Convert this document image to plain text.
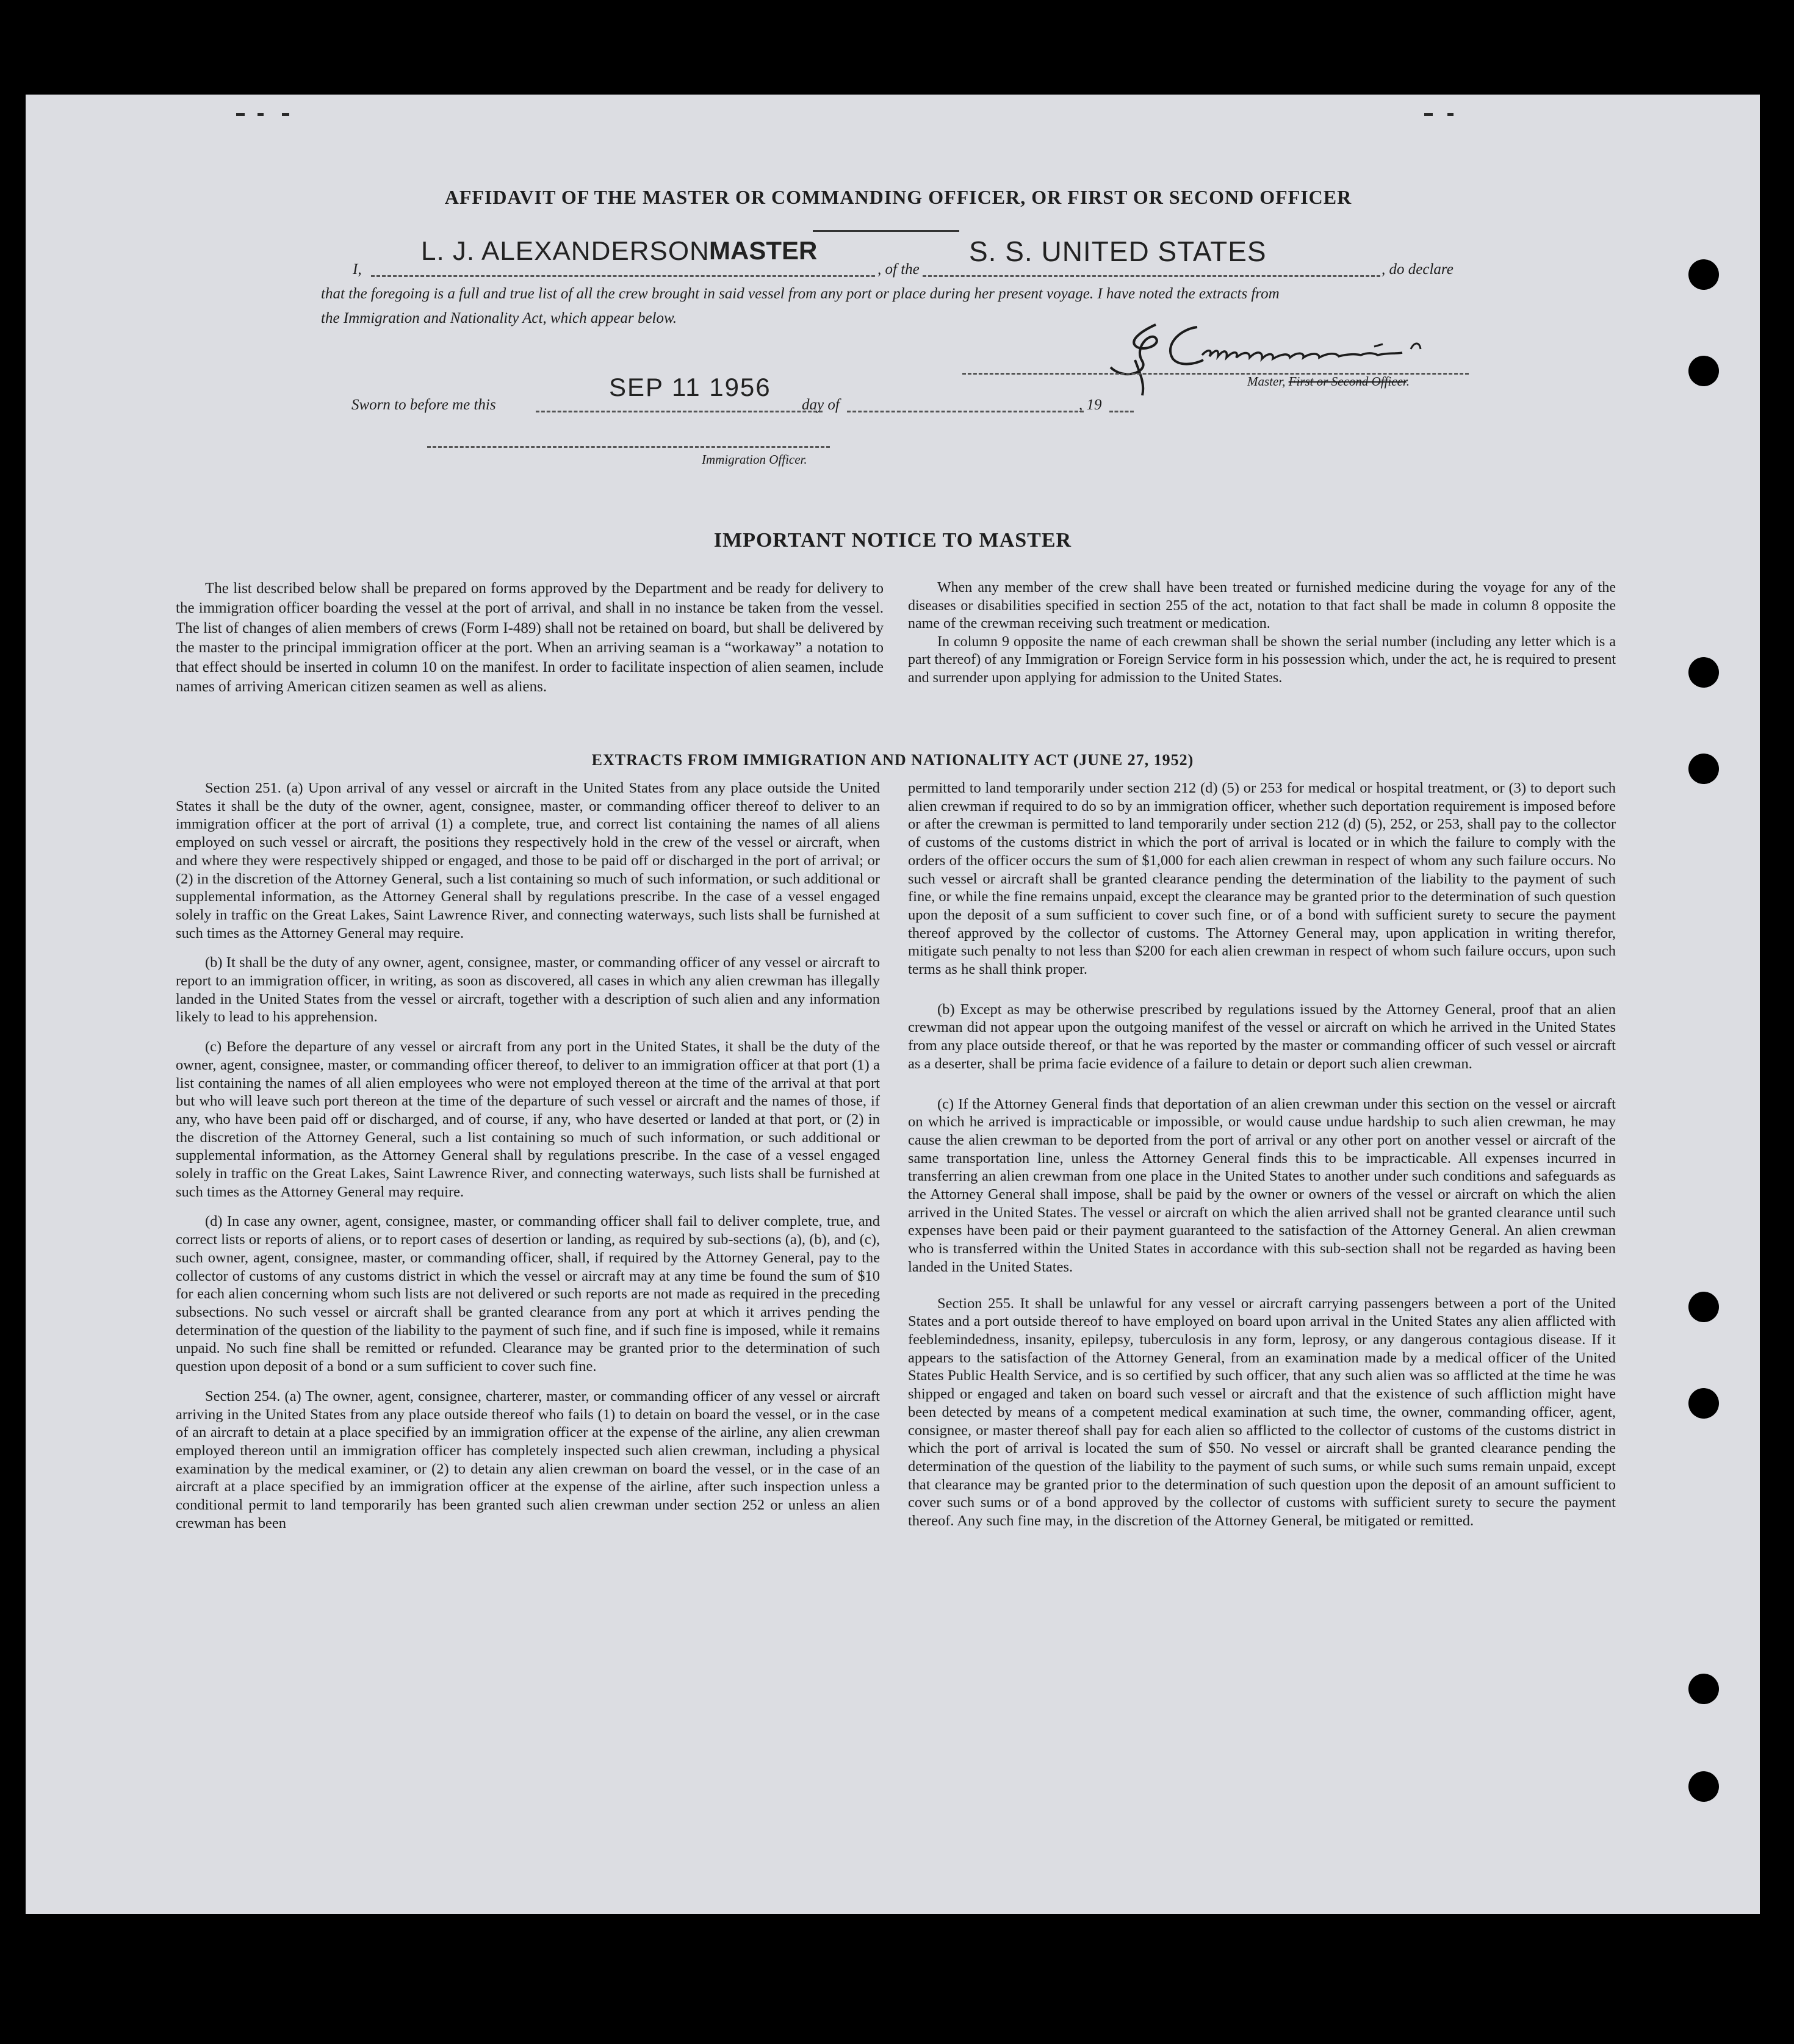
AFFIDAVIT OF THE MASTER OR COMMANDING OFFICER, OR FIRST OR SECOND OFFICER
I,
L. J. ALEXANDERSON MASTER
, of the
S. S. UNITED STATES
, do declare
that the foregoing is a full and true list of all the crew brought in said vessel from any port or place during her present voyage. I have noted the extracts from
the Immigration and Nationality Act, which appear below.
Master, First or Second Officer.
Sworn to before me this
SEP 11 1956
day of	, 19
Immigration Officer.
IMPORTANT NOTICE TO MASTER

The list described below shall be prepared on forms approved by the Department and be ready for delivery to the immigration officer boarding the vessel at the port of arrival, and shall in no instance be taken from the vessel. The list of changes of alien members of crews (Form I-489) shall not be retained on board, but shall be delivered by the master to the principal immigration officer at the port. When an arriving seaman is a “workaway” a notation to that effect should be inserted in column 10 on the manifest. In order to facilitate inspection of alien seamen, include names of arriving American citizen seamen as well as aliens.

When any member of the crew shall have been treated or furnished medicine during the voyage for any of the diseases or disabilities specified in section 255 of the act, notation to that fact shall be made in column 8 opposite the name of the crewman receiving such treatment or medication.

In column 9 opposite the name of each crewman shall be shown the serial number (including any letter which is a part thereof) of any Immigration or Foreign Service form in his possession which, under the act, he is required to present and surrender upon applying for admission to the United States.

EXTRACTS FROM IMMIGRATION AND NATIONALITY ACT (JUNE 27, 1952)

Section 251. (a) Upon arrival of any vessel or aircraft in the United States from any place outside the United States it shall be the duty of the owner, agent, consignee, master, or commanding officer thereof to deliver to an immigration officer at the port of arrival (1) a complete, true, and correct list containing the names of all aliens employed on such vessel or aircraft, the positions they respectively hold in the crew of the vessel or aircraft, when and where they were respectively shipped or engaged, and those to be paid off or discharged in the port of arrival; or (2) in the discretion of the Attorney General, such a list containing so much of such information, or such additional or supplemental information, as the Attorney General shall by regulations prescribe. In the case of a vessel engaged solely in traffic on the Great Lakes, Saint Lawrence River, and connecting waterways, such lists shall be furnished at such times as the Attorney General may require.

(b) It shall be the duty of any owner, agent, consignee, master, or commanding officer of any vessel or aircraft to report to an immigration officer, in writing, as soon as discovered, all cases in which any alien crewman has illegally landed in the United States from the vessel or aircraft, together with a description of such alien and any information likely to lead to his apprehension.

(c) Before the departure of any vessel or aircraft from any port in the United States, it shall be the duty of the owner, agent, consignee, master, or commanding officer thereof, to deliver to an immigration officer at that port (1) a list containing the names of all alien employees who were not employed thereon at the time of the arrival at that port but who will leave such port thereon at the time of the departure of such vessel or aircraft and the names of those, if any, who have been paid off or discharged, and of course, if any, who have deserted or landed at that port, or (2) in the discretion of the Attorney General, such a list containing so much of such information, or such additional or supplemental information, as the Attorney General shall by regulations prescribe. In the case of a vessel engaged solely in traffic on the Great Lakes, Saint Lawrence River, and connecting waterways, such lists shall be furnished at such times as the Attorney General may require.

(d) In case any owner, agent, consignee, master, or commanding officer shall fail to deliver complete, true, and correct lists or reports of aliens, or to report cases of desertion or landing, as required by sub-sections (a), (b), and (c), such owner, agent, consignee, master, or commanding officer, shall, if required by the Attorney General, pay to the collector of customs of any customs district in which the vessel or aircraft may at any time be found the sum of $10 for each alien concerning whom such lists are not delivered or such reports are not made as required in the preceding subsections. No such vessel or aircraft shall be granted clearance from any port at which it arrives pending the determination of the question of the liability to the payment of such fine, and if such fine is imposed, while it remains unpaid. No such fine shall be remitted or refunded. Clearance may be granted prior to the determination of such question upon deposit of a bond or a sum sufficient to cover such fine.

Section 254. (a) The owner, agent, consignee, charterer, master, or commanding officer of any vessel or aircraft arriving in the United States from any place outside thereof who fails (1) to detain on board the vessel, or in the case of an aircraft to detain at a place specified by an immigration officer at the expense of the airline, any alien crewman employed thereon until an immigration officer has completely inspected such alien crewman, including a physical examination by the medical examiner, or (2) to detain any alien crewman on board the vessel, or in the case of an aircraft at a place specified by an immigration officer at the expense of the airline, after such inspection unless a conditional permit to land temporarily has been granted such alien crewman under section 252 or unless an alien crewman has been

permitted to land temporarily under section 212 (d) (5) or 253 for medical or hospital treatment, or (3) to deport such alien crewman if required to do so by an immigration officer, whether such deportation requirement is imposed before or after the crewman is permitted to land temporarily under section 212 (d) (5), 252, or 253, shall pay to the collector of customs of the customs district in which the port of arrival is located or in which the failure to comply with the orders of the officer occurs the sum of $1,000 for each alien crewman in respect of whom any such failure occurs. No such vessel or aircraft shall be granted clearance pending the determination of the liability to the payment of such fine, or while the fine remains unpaid, except the clearance may be granted prior to the determination of such question upon the deposit of a sum sufficient to cover such fine, or of a bond with sufficient surety to secure the payment thereof approved by the collector of customs. The Attorney General may, upon application in writing therefor, mitigate such penalty to not less than $200 for each alien crewman in respect of whom such failure occurs, upon such terms as he shall think proper.

(b) Except as may be otherwise prescribed by regulations issued by the Attorney General, proof that an alien crewman did not appear upon the outgoing manifest of the vessel or aircraft on which he arrived in the United States from any place outside thereof, or that he was reported by the master or commanding officer of such vessel or aircraft as a deserter, shall be prima facie evidence of a failure to detain or deport such alien crewman.

(c) If the Attorney General finds that deportation of an alien crewman under this section on the vessel or aircraft on which he arrived is impracticable or impossible, or would cause undue hardship to such alien crewman, he may cause the alien crewman to be deported from the port of arrival or any other port on another vessel or aircraft of the same transportation line, unless the Attorney General finds this to be impracticable. All expenses incurred in transferring an alien crewman from one place in the United States to another under such conditions and safeguards as the Attorney General shall impose, shall be paid by the owner or owners of the vessel or aircraft on which the alien arrived in the United States. The vessel or aircraft on which the alien arrived shall not be granted clearance until such expenses have been paid or their payment guaranteed to the satisfaction of the Attorney General. An alien crewman who is transferred within the United States in accordance with this sub-section shall not be regarded as having been landed in the United States.

Section 255. It shall be unlawful for any vessel or aircraft carrying passengers between a port of the United States and a port outside thereof to have employed on board upon arrival in the United States any alien afflicted with feeblemindedness, insanity, epilepsy, tuberculosis in any form, leprosy, or any dangerous contagious disease. If it appears to the satisfaction of the Attorney General, from an examination made by a medical officer of the United States Public Health Service, and is so certified by such officer, that any such alien was so afflicted at the time he was shipped or engaged and taken on board such vessel or aircraft and that the existence of such affliction might have been detected by means of a competent medical examination at such time, the owner, commanding officer, agent, consignee, or master thereof shall pay for each alien so afflicted to the collector of customs of the customs district in which the port of arrival is located the sum of $50. No vessel or aircraft shall be granted clearance pending the determination of the question of the liability to the payment of such sums, or while such sums remain unpaid, except that clearance may be granted prior to the determination of such question upon the deposit of an amount sufficient to cover such sums or of a bond approved by the collector of customs with sufficient surety to secure the payment thereof. Any such fine may, in the discretion of the Attorney General, be mitigated or remitted.
